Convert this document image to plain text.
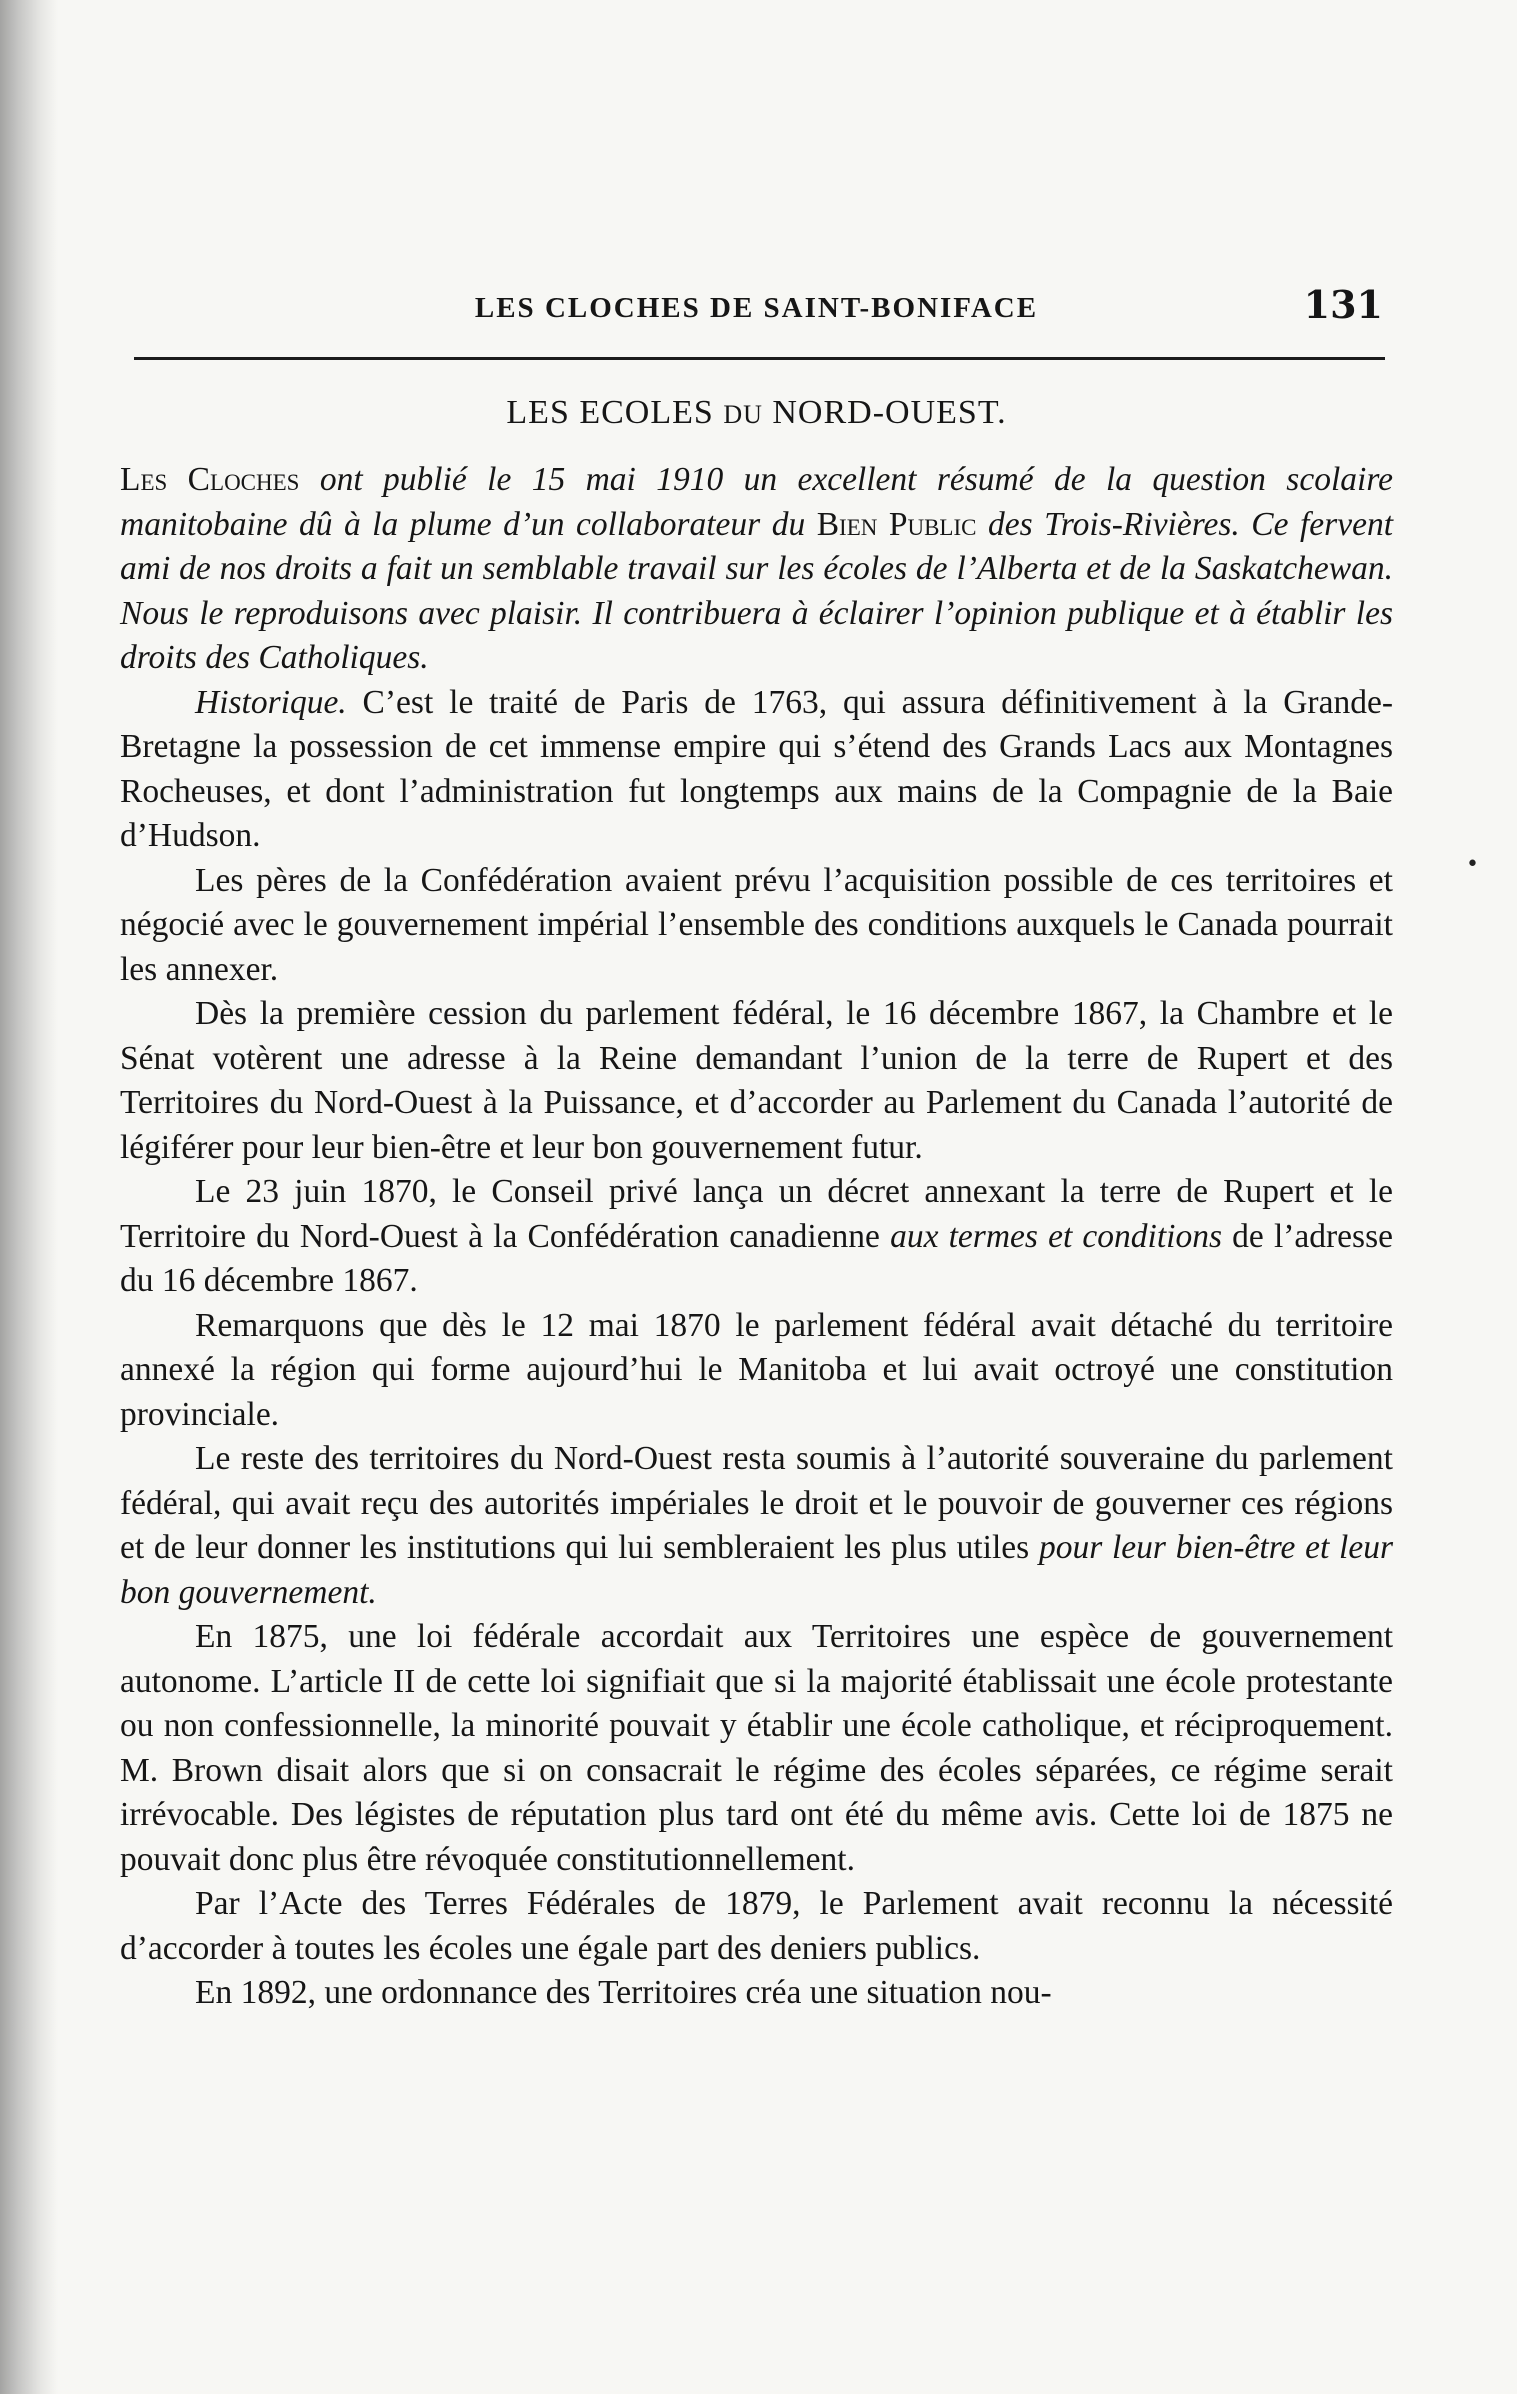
LES CLOCHES DE SAINT-BONIFACE	131
LES ECOLES DU NORD-OUEST.

Les Cloches ont publié le 15 mai 1910 un excellent résumé de la question scolaire manitobaine dû à la plume d’un collaborateur du Bien Public des Trois-Rivières. Ce fervent ami de nos droits a fait un semblable travail sur les écoles de l’Alberta et de la Saskatchewan. Nous le reproduisons avec plaisir. Il contribuera à éclairer l’opinion publique et à établir les droits des Catholiques.

Historique. C’est le traité de Paris de 1763, qui assura définitivement à la Grande-Bretagne la possession de cet immense empire qui s’étend des Grands Lacs aux Montagnes Rocheuses, et dont l’administration fut longtemps aux mains de la Compagnie de la Baie d’Hudson.

Les pères de la Confédération avaient prévu l’acquisition possible de ces territoires et négocié avec le gouvernement impérial l’ensemble des conditions auxquels le Canada pourrait les annexer.

Dès la première cession du parlement fédéral, le 16 décembre 1867, la Chambre et le Sénat votèrent une adresse à la Reine demandant l’union de la terre de Rupert et des Territoires du Nord-Ouest à la Puissance, et d’accorder au Parlement du Canada l’autorité de légiférer pour leur bien-être et leur bon gouvernement futur.

Le 23 juin 1870, le Conseil privé lança un décret annexant la terre de Rupert et le Territoire du Nord-Ouest à la Confédération canadienne aux termes et conditions de l’adresse du 16 décembre 1867.

Remarquons que dès le 12 mai 1870 le parlement fédéral avait détaché du territoire annexé la région qui forme aujourd’hui le Manitoba et lui avait octroyé une constitution provinciale.

Le reste des territoires du Nord-Ouest resta soumis à l’autorité souveraine du parlement fédéral, qui avait reçu des autorités impériales le droit et le pouvoir de gouverner ces régions et de leur donner les institutions qui lui sembleraient les plus utiles pour leur bien-être et leur bon gouvernement.

En 1875, une loi fédérale accordait aux Territoires une espèce de gouvernement autonome. L’article II de cette loi signifiait que si la majorité établissait une école protestante ou non confessionnelle, la minorité pouvait y établir une école catholique, et réciproquement. M. Brown disait alors que si on consacrait le régime des écoles séparées, ce régime serait irrévocable. Des légistes de réputation plus tard ont été du même avis. Cette loi de 1875 ne pouvait donc plus être révoquée constitutionnellement.

Par l’Acte des Terres Fédérales de 1879, le Parlement avait reconnu la nécessité d’accorder à toutes les écoles une égale part des deniers publics.

En 1892, une ordonnance des Territoires créa une situation nou-

•
